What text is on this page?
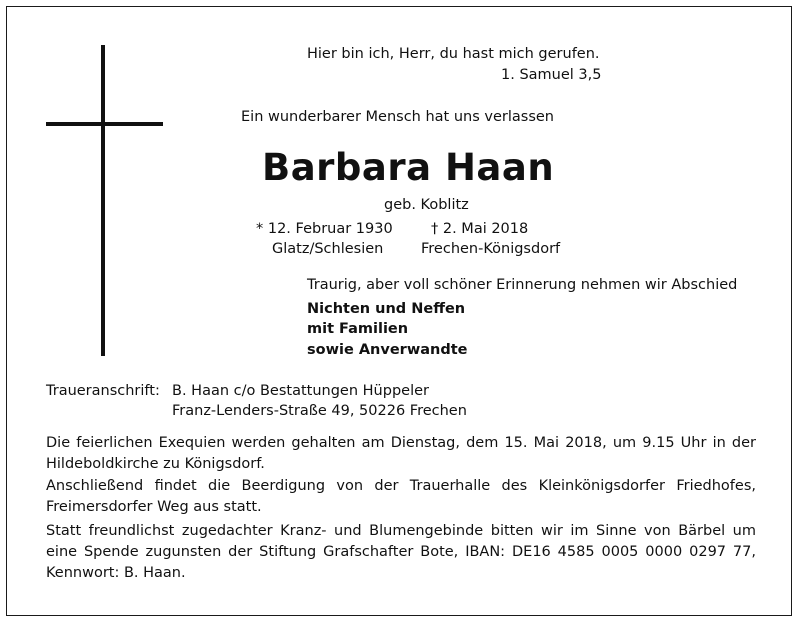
Hier bin ich, Herr, du hast mich gerufen.
1. Samuel 3,5
Ein wunderbarer Mensch hat uns verlassen
Barbara Haan
geb. Koblitz
* 12. Februar 1930
Glatz/Schlesien
† 2. Mai 2018
Frechen-Königsdorf
Traurig, aber voll schöner Erinnerung nehmen wir Abschied
Nichten und Neffen
mit Familien
sowie Anverwandte
Traueranschrift: B. Haan c/o Bestattungen Hüppeler
Franz-Lenders-Straße 49, 50226 Frechen
Die feierlichen Exequien werden gehalten am Dienstag, dem 15. Mai 2018, um 9.15 Uhr in der Hildeboldkirche zu Königsdorf.
Anschließend findet die Beerdigung von der Trauerhalle des Kleinkönigsdorfer Friedhofes, Freimersdorfer Weg aus statt.
Statt freundlichst zugedachter Kranz- und Blumengebinde bitten wir im Sinne von Bärbel um eine Spende zugunsten der Stiftung Grafschafter Bote, IBAN: DE16 4585 0005 0000 0297 77, Kennwort: B. Haan.
